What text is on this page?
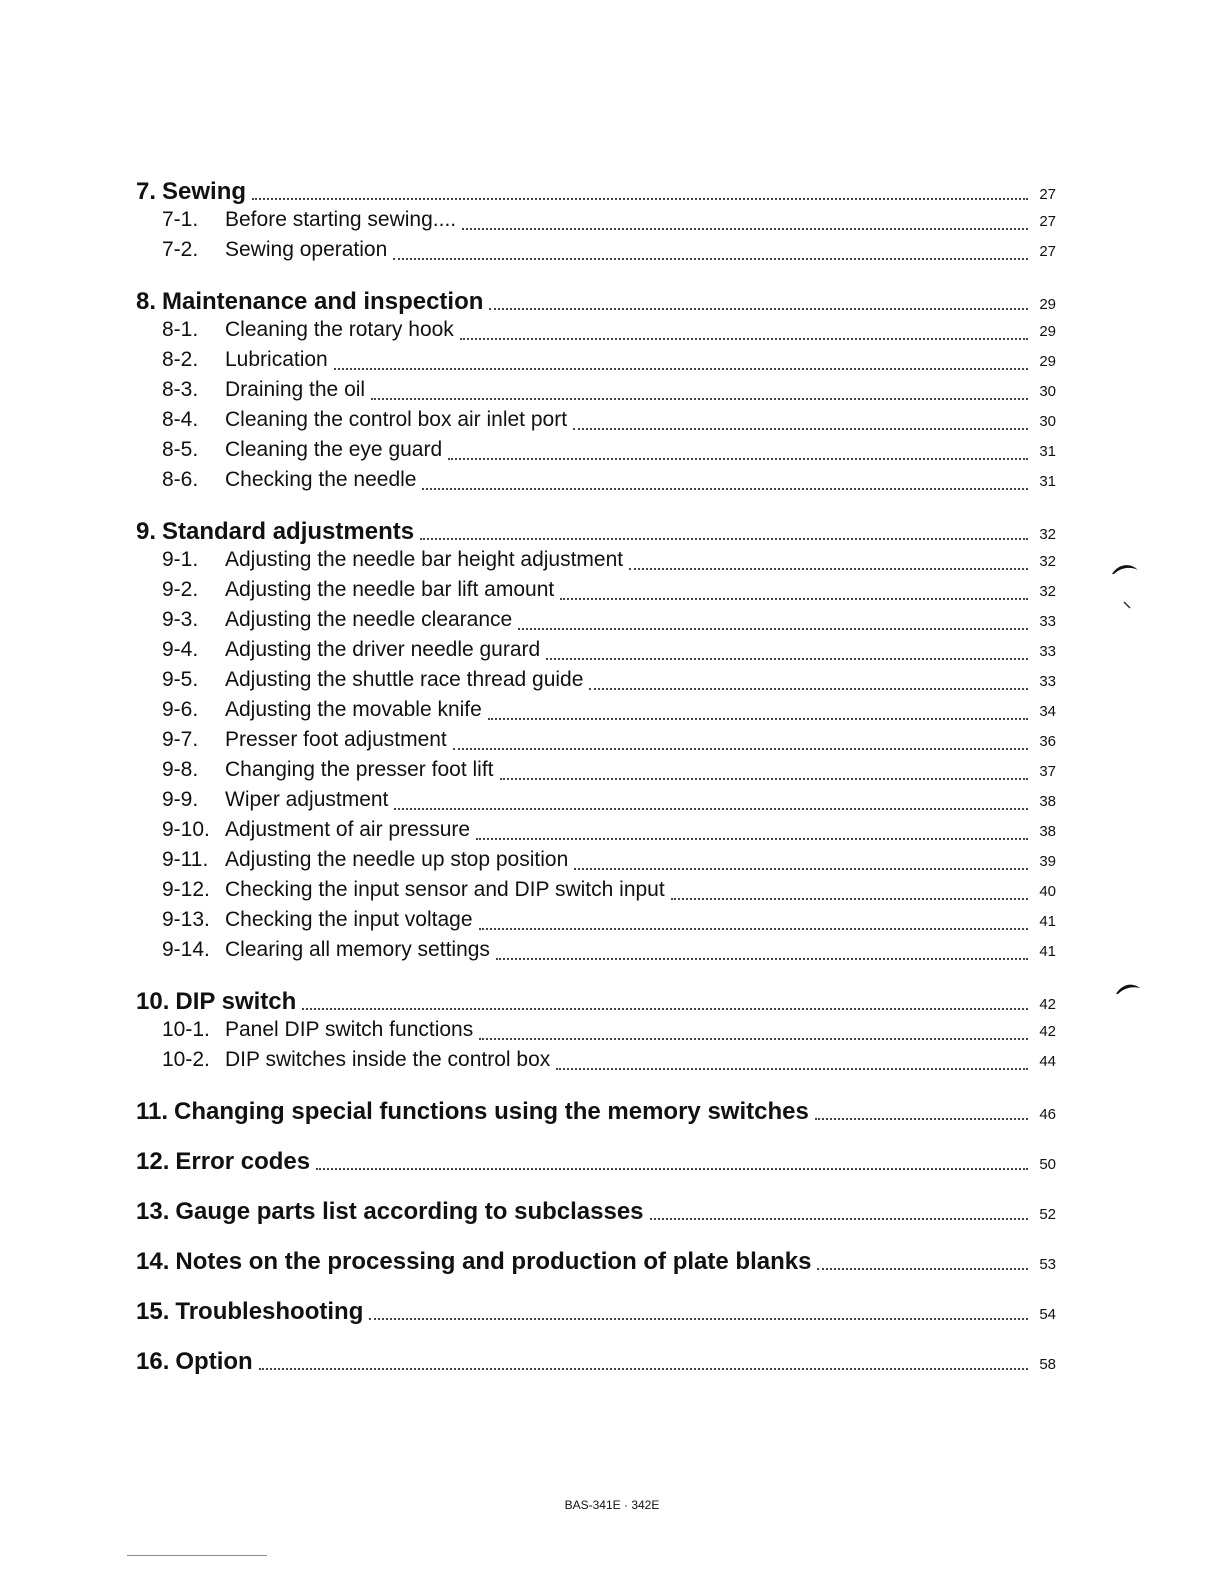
7. Sewing	27
7-1.	Before starting sewing....	27
7-2.	Sewing operation	27
8. Maintenance and inspection	29
8-1.	Cleaning the rotary hook	29
8-2.	Lubrication	29
8-3.	Draining the oil	30
8-4.	Cleaning the control box air inlet port	30
8-5.	Cleaning the eye guard	31
8-6.	Checking the needle	31
9. Standard adjustments	32
9-1.	Adjusting the needle bar height adjustment	32
9-2.	Adjusting the needle bar lift amount	32
9-3.	Adjusting the needle clearance	33
9-4.	Adjusting the driver needle gurard	33
9-5.	Adjusting the shuttle race thread guide	33
9-6.	Adjusting the movable knife	34
9-7.	Presser foot adjustment	36
9-8.	Changing the presser foot lift	37
9-9.	Wiper adjustment	38
9-10. Adjustment of air pressure	38
9-11. Adjusting the needle up stop position	39
9-12. Checking the input sensor and DIP switch input	40
9-13. Checking the input voltage	41
9-14. Clearing all memory settings	41
10. DIP switch	42
10-1. Panel DIP switch functions	42
10-2. DIP switches inside the control box	44
11. Changing special functions using the memory switches	46
12. Error codes	50
13. Gauge parts list according to subclasses	52
14. Notes on the processing and production of plate blanks	53
15. Troubleshooting	54
16. Option	58
BAS-341E · 342E
